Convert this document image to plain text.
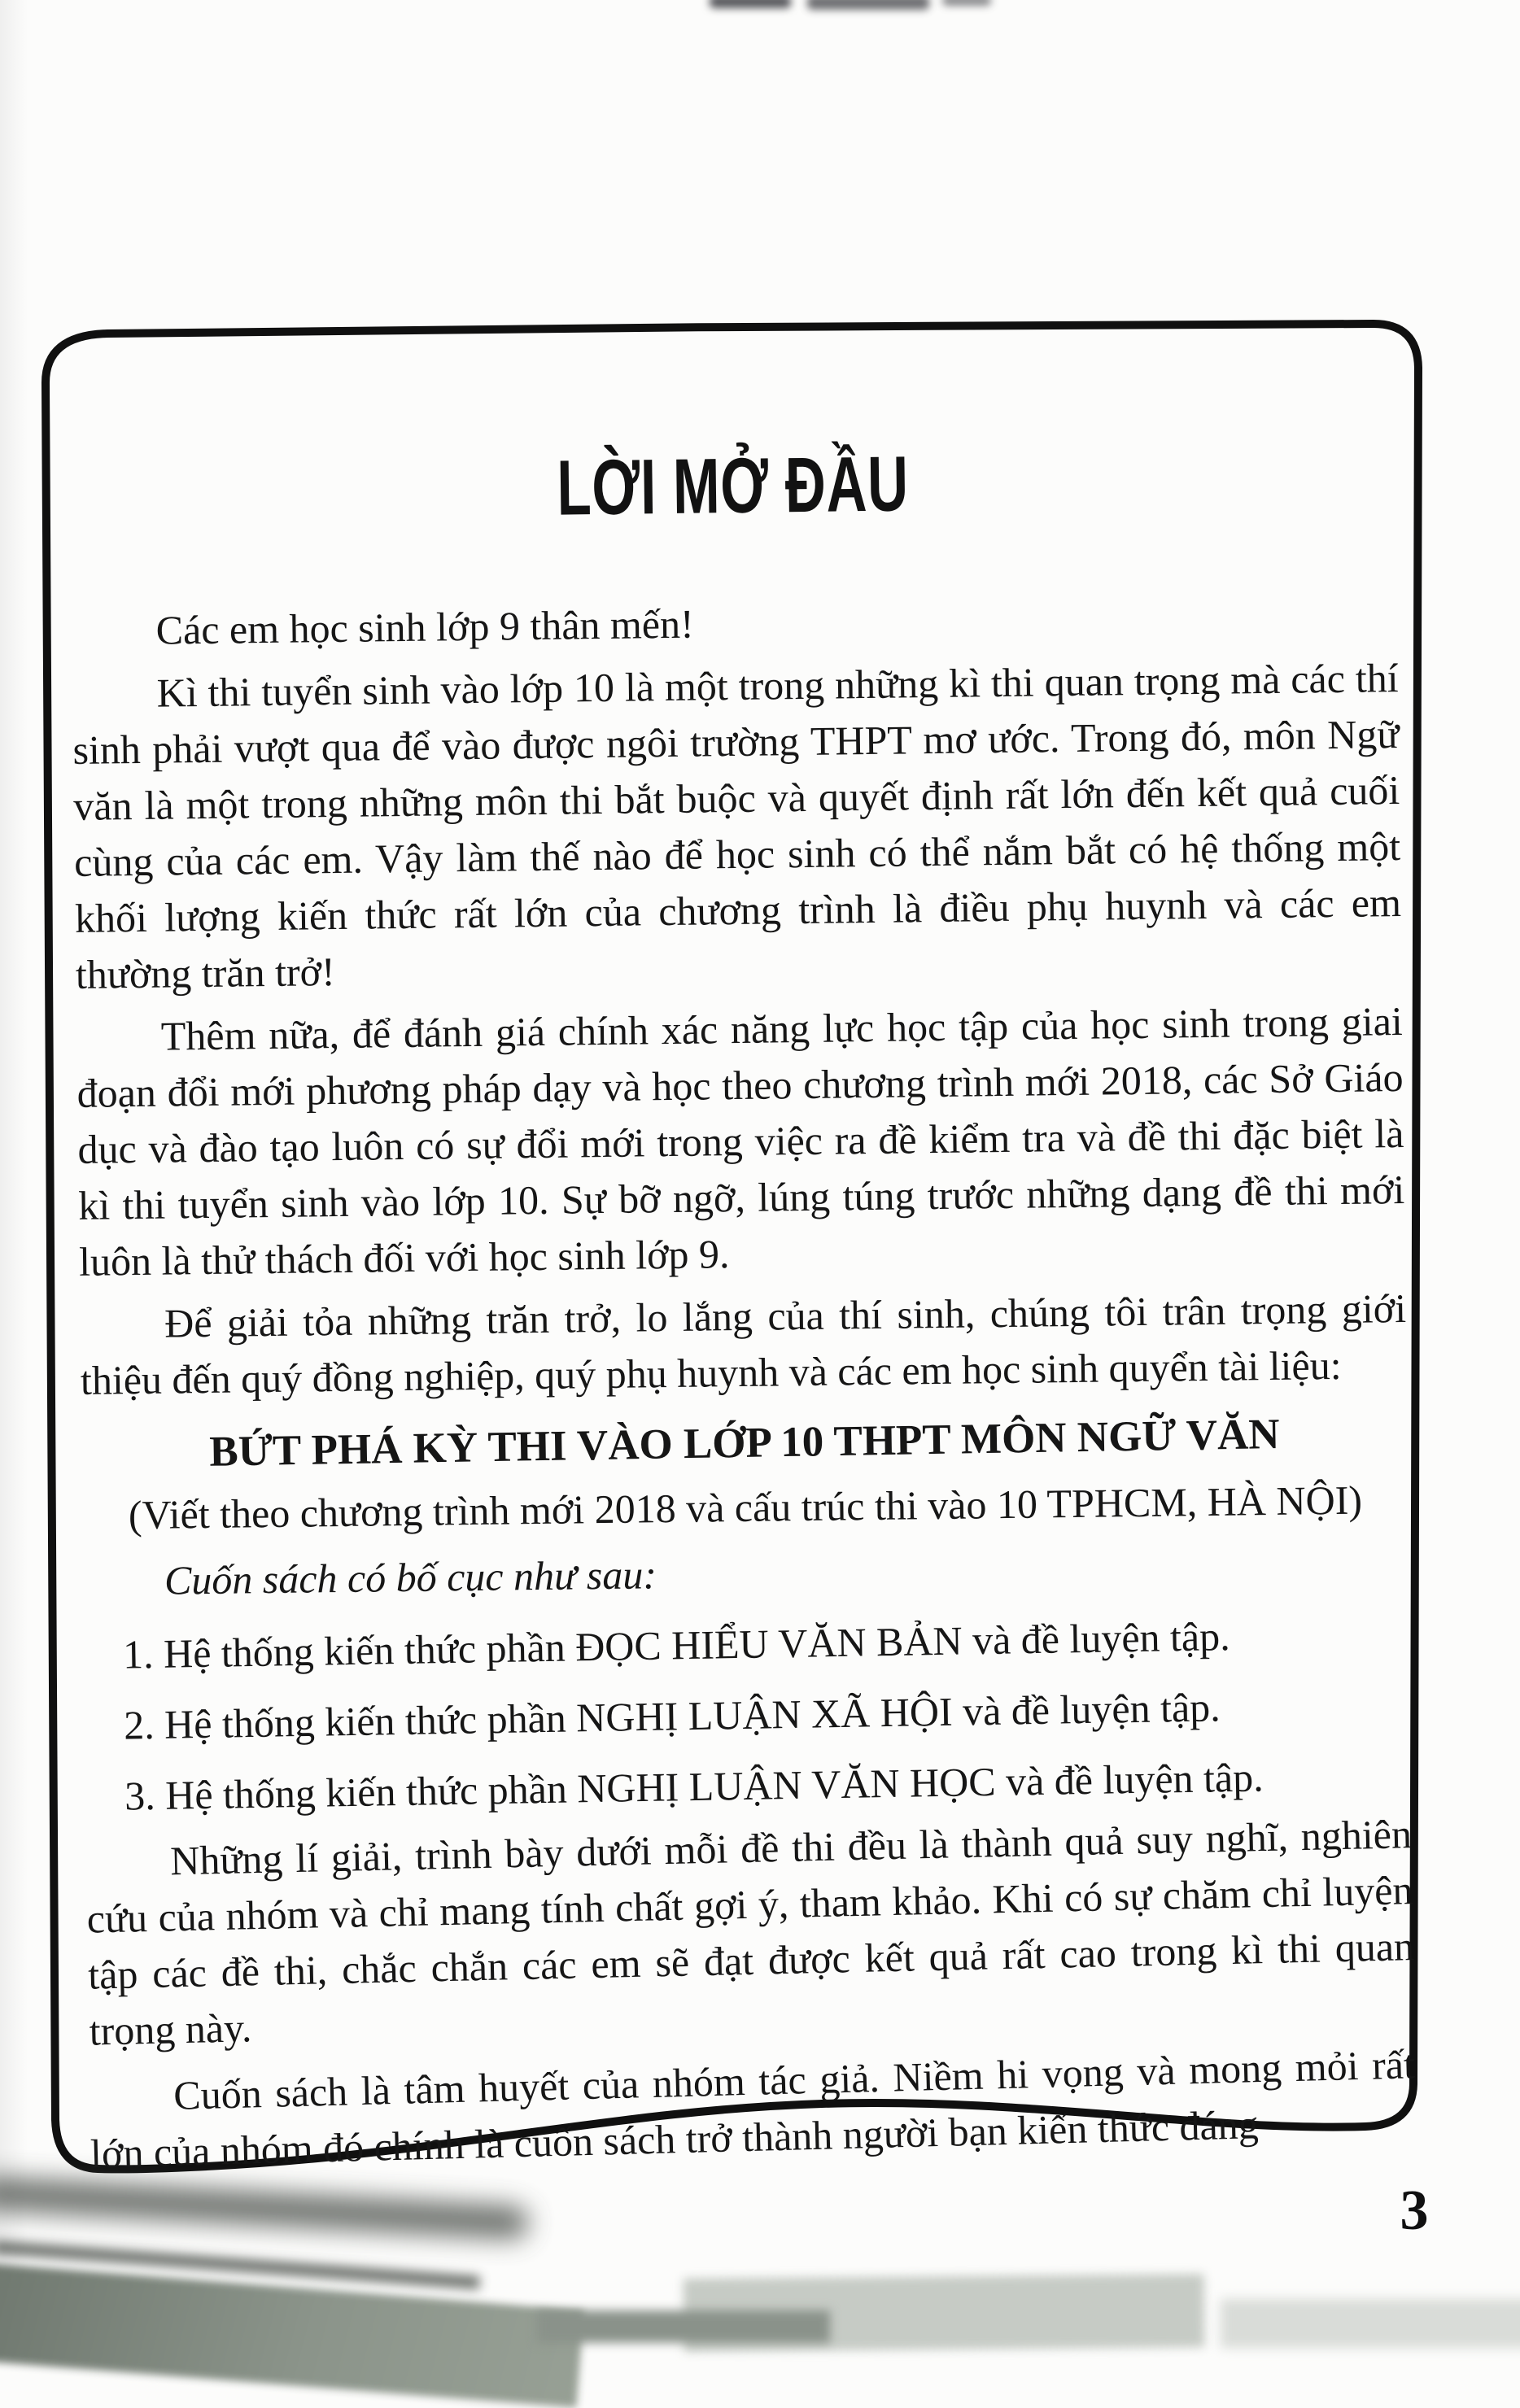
LỜI MỞ ĐẦU

Các em học sinh lớp 9 thân mến!

Kì thi tuyển sinh vào lớp 10 là một trong những kì thi quan trọng mà các thí sinh phải vượt qua để vào được ngôi trường THPT mơ ước. Trong đó, môn Ngữ văn là một trong những môn thi bắt buộc và quyết định rất lớn đến kết quả cuối cùng của các em. Vậy làm thế nào để học sinh có thể nắm bắt có hệ thống một khối lượng kiến thức rất lớn của chương trình là điều phụ huynh và các em thường trăn trở!

Thêm nữa, để đánh giá chính xác năng lực học tập của học sinh trong giai đoạn đổi mới phương pháp dạy và học theo chương trình mới 2018, các Sở Giáo dục và đào tạo luôn có sự đổi mới trong việc ra đề kiểm tra và đề thi đặc biệt là kì thi tuyển sinh vào lớp 10. Sự bỡ ngỡ, lúng túng trước những dạng đề thi mới luôn là thử thách đối với học sinh lớp 9.

Để giải tỏa những trăn trở, lo lắng của thí sinh, chúng tôi trân trọng giới thiệu đến quý đồng nghiệp, quý phụ huynh và các em học sinh quyển tài liệu:

BỨT PHÁ KỲ THI VÀO LỚP 10 THPT MÔN NGỮ VĂN

(Viết theo chương trình mới 2018 và cấu trúc thi vào 10 TPHCM, HÀ NỘI)

Cuốn sách có bố cục như sau:

1. Hệ thống kiến thức phần ĐỌC HIỂU VĂN BẢN và đề luyện tập.

2. Hệ thống kiến thức phần NGHỊ LUẬN XÃ HỘI và đề luyện tập.

3. Hệ thống kiến thức phần NGHỊ LUẬN VĂN HỌC và đề luyện tập.

Những lí giải, trình bày dưới mỗi đề thi đều là thành quả suy nghĩ, nghiên cứu của nhóm và chỉ mang tính chất gợi ý, tham khảo. Khi có sự chăm chỉ luyện tập các đề thi, chắc chắn các em sẽ đạt được kết quả rất cao trong kì thi quan trọng này.

Cuốn sách là tâm huyết của nhóm tác giả. Niềm hi vọng và mong mỏi rất lớn của nhóm đó chính là cuốn sách trở thành người bạn kiến thức đáng

3
